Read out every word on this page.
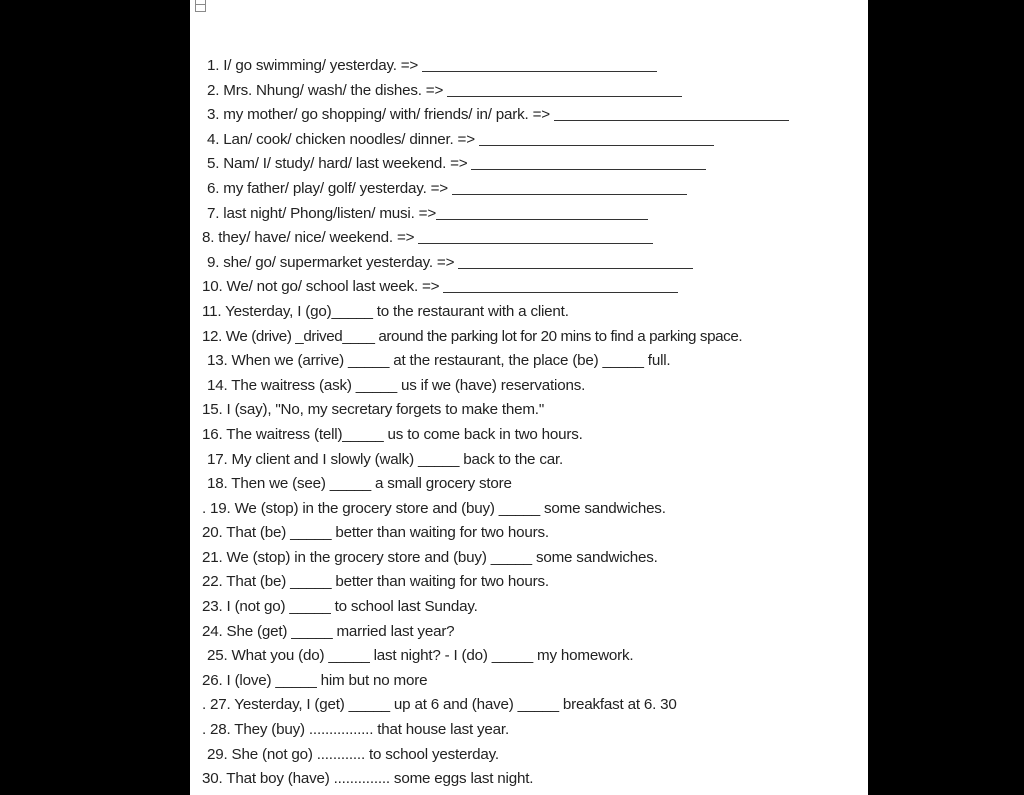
1. I/ go swimming/ yesterday. =>
2. Mrs. Nhung/ wash/ the dishes. =>
3. my mother/ go shopping/ with/ friends/ in/ park. =>
4. Lan/ cook/ chicken noodles/ dinner. =>
5. Nam/ I/ study/ hard/ last weekend. =>
6. my father/ play/ golf/ yesterday. =>
7. last night/ Phong/listen/ musi. =>
8. they/ have/ nice/ weekend. =>
9. she/ go/ supermarket yesterday. =>
10. We/ not go/ school last week. =>
11. Yesterday, I (go)_____ to the restaurant with a client.
12. We (drive) _drived____ around the parking lot for 20 mins to find a parking space.
13. When we (arrive) _____ at the restaurant, the place (be) _____ full.
14. The waitress (ask) _____ us if we (have) reservations.
15. I (say), "No, my secretary forgets to make them."
16. The waitress (tell)_____ us to come back in two hours.
17. My client and I slowly (walk) _____ back to the car.
18. Then we (see) _____ a small grocery store
. 19. We (stop) in the grocery store and (buy) _____ some sandwiches.
20. That (be) _____ better than waiting for two hours.
21. We (stop) in the grocery store and (buy) _____ some sandwiches.
22. That (be) _____ better than waiting for two hours.
23. I (not go) _____ to school last Sunday.
24. She (get) _____ married last year?
25. What you (do) _____ last night? - I (do) _____ my homework.
26. I (love) _____ him but no more
. 27. Yesterday, I (get) _____ up at 6 and (have) _____ breakfast at 6. 30
. 28. They (buy) ................ that house last year.
29. She (not go) ............ to school yesterday.
30. That boy (have) .............. some eggs last night.
